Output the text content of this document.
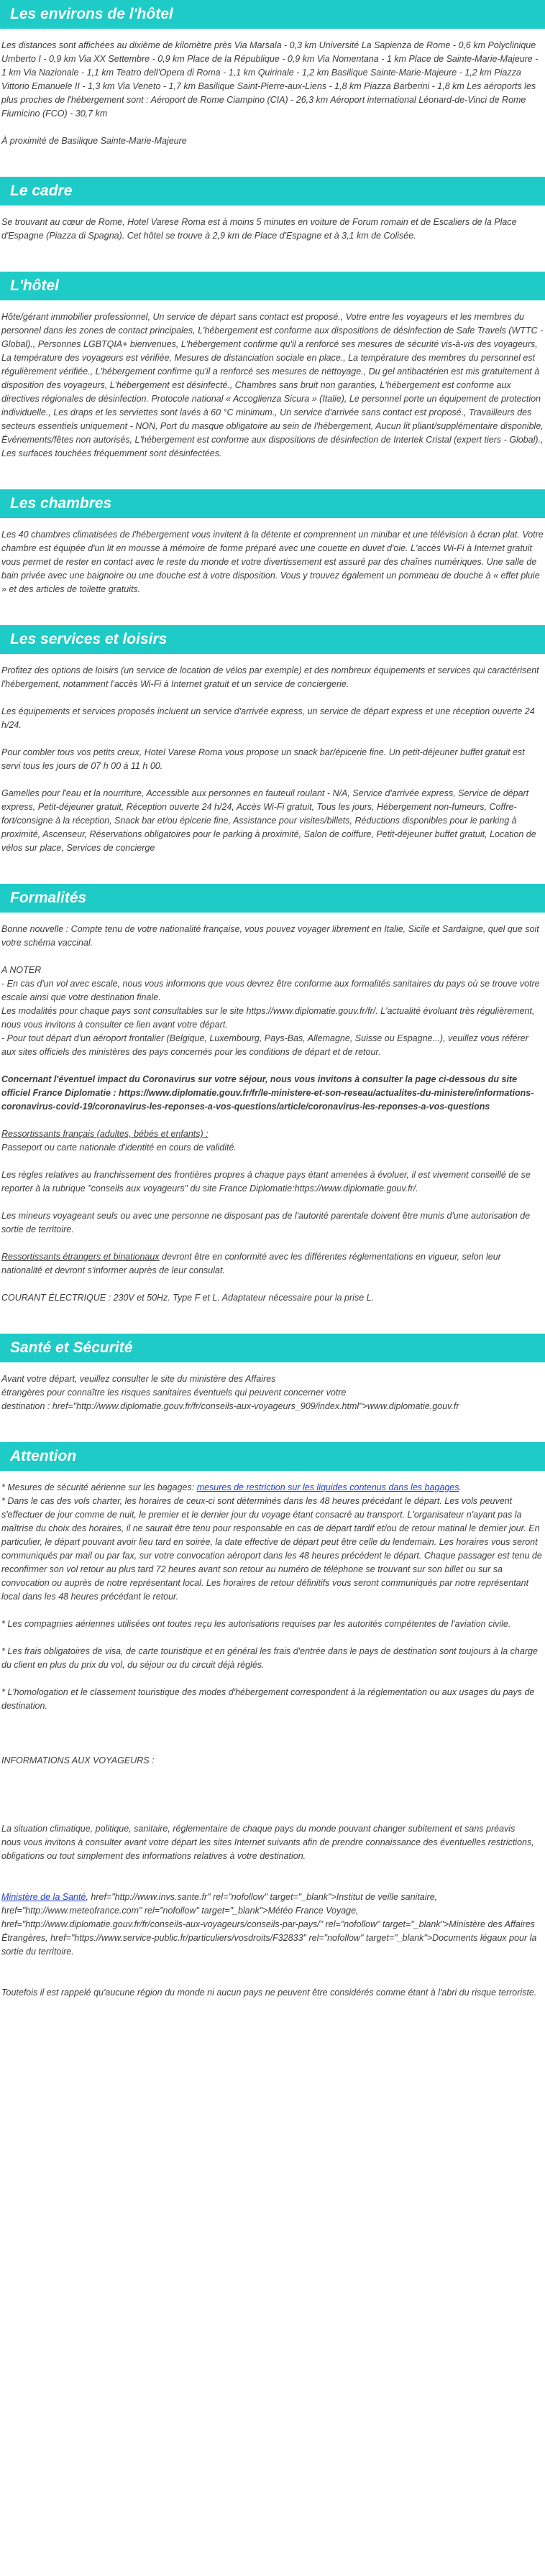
Les environs de l'hôtel

Les distances sont affichées au dixième de kilomètre près Via Marsala - 0,3 km Université La Sapienza de Rome - 0,6 km Polyclinique Umberto I - 0,9 km Via XX Settembre - 0,9 km Place de la République - 0,9 km Via Nomentana - 1 km Place de Sainte-Marie-Majeure - 1 km Via Nazionale - 1,1 km Teatro dell'Opera di Roma - 1,1 km Quirinale - 1,2 km Basilique Sainte-Marie-Majeure - 1,2 km Piazza Vittorio Emanuele II - 1,3 km Via Veneto - 1,7 km Basilique Saint-Pierre-aux-Liens - 1,8 km Piazza Barberini - 1,8 km Les aéroports les plus proches de l'hébergement sont : Aéroport de Rome Ciampino (CIA) - 26,3 km Aéroport international Léonard-de-Vinci de Rome Fiumicino (FCO) - 30,7 km

À proximité de Basilique Sainte-Marie-Majeure

Le cadre

Se trouvant au cœur de Rome, Hotel Varese Roma est à moins 5 minutes en voiture de Forum romain et de Escaliers de la Place d'Espagne (Piazza di Spagna). Cet hôtel se trouve à 2,9 km de Place d'Espagne et à 3,1 km de Colisée.

L'hôtel

Hôte/gérant immobilier professionnel, Un service de départ sans contact est proposé., Votre entre les voyageurs et les membres du personnel dans les zones de contact principales, L'hébergement est conforme aux dispositions de désinfection de Safe Travels (WTTC - Global)., Personnes LGBTQIA+ bienvenues, L'hébergement confirme qu'il a renforcé ses mesures de sécurité vis-à-vis des voyageurs, La température des voyageurs est vérifiée, Mesures de distanciation sociale en place., La température des membres du personnel est régulièrement vérifiée., L'hébergement confirme qu'il a renforcé ses mesures de nettoyage., Du gel antibactérien est mis gratuitement à disposition des voyageurs, L'hébergement est désinfecté., Chambres sans bruit non garanties, L'hébergement est conforme aux directives régionales de désinfection. Protocole national « Accoglienza Sicura » (Italie), Le personnel porte un équipement de protection individuelle., Les draps et les serviettes sont lavés à 60 °C minimum., Un service d'arrivée sans contact est proposé., Travailleurs des secteurs essentiels uniquement - NON, Port du masque obligatoire au sein de l'hébergement, Aucun lit pliant/supplémentaire disponible, Événements/fêtes non autorisés, L'hébergement est conforme aux dispositions de désinfection de Intertek Cristal (expert tiers - Global)., Les surfaces touchées fréquemment sont désinfectées.

Les chambres

Les 40 chambres climatisées de l'hébergement vous invitent à la détente et comprennent un minibar et une télévision à écran plat. Votre chambre est équipée d'un lit en mousse à mémoire de forme préparé avec une couette en duvet d'oie. L'accès Wi-Fi à Internet gratuit vous permet de rester en contact avec le reste du monde et votre divertissement est assuré par des chaînes numériques. Une salle de bain privée avec une baignoire ou une douche est à votre disposition. Vous y trouvez également un pommeau de douche à « effet pluie » et des articles de toilette gratuits.

Les services et loisirs

Profitez des options de loisirs (un service de location de vélos par exemple) et des nombreux équipements et services qui caractérisent l'hébergement, notamment l'accès Wi-Fi à Internet gratuit et un service de conciergerie.

Les équipements et services proposés incluent un service d'arrivée express, un service de départ express et une réception ouverte 24 h/24.

Pour combler tous vos petits creux, Hotel Varese Roma vous propose un snack bar/épicerie fine. Un petit-déjeuner buffet gratuit est servi tous les jours de 07 h 00 à 11 h 00.

Gamelles pour l'eau et la nourriture, Accessible aux personnes en fauteuil roulant - N/A, Service d'arrivée express, Service de départ express, Petit-déjeuner gratuit, Réception ouverte 24 h/24, Accès Wi-Fi gratuit, Tous les jours, Hébergement non-fumeurs, Coffre-fort/consigne à la réception, Snack bar et/ou épicerie fine, Assistance pour visites/billets, Réductions disponibles pour le parking à proximité, Ascenseur, Réservations obligatoires pour le parking à proximité, Salon de coiffure, Petit-déjeuner buffet gratuit, Location de vélos sur place, Services de concierge

Formalités

Bonne nouvelle : Compte tenu de votre nationalité française, vous pouvez voyager librement en Italie, Sicile et Sardaigne, quel que soit votre schéma vaccinal.

A NOTER
- En cas d'un vol avec escale, nous vous informons que vous devrez être conforme aux formalités sanitaires du pays où se trouve votre escale ainsi que votre destination finale.
Les modalités pour chaque pays sont consultables sur le site https://www.diplomatie.gouv.fr/fr/. L'actualité évoluant très régulièrement, nous vous invitons à consulter ce lien avant votre départ.

- Pour tout départ d'un aéroport frontalier (Belgique, Luxembourg, Pays-Bas, Allemagne, Suisse ou Espagne...), veuillez vous référer aux sites officiels des ministères des pays concernés pour les conditions de départ et de retour.

Concernant l'éventuel impact du Coronavirus sur votre séjour, nous vous invitons à consulter la page ci-dessous du site officiel France Diplomatie : https://www.diplomatie.gouv.fr/fr/le-ministere-et-son-reseau/actualites-du-ministere/informations-coronavirus-covid-19/coronavirus-les-reponses-a-vos-questions/article/coronavirus-les-reponses-a-vos-questions

Ressortissants français (adultes, bébés et enfants) :

Passeport ou carte nationale d'identité en cours de validité.

Les règles relatives au franchissement des frontières propres à chaque pays étant amenées à évoluer, il est vivement conseillé de se reporter à la rubrique "conseils aux voyageurs" du site France Diplomatie:https://www.diplomatie.gouv.fr/.

Les mineurs voyageant seuls ou avec une personne ne disposant pas de l'autorité parentale doivent être munis d'une autorisation de sortie de territoire.

Ressortissants étrangers et binationaux devront être en conformité avec les différentes réglementations en vigueur, selon leur nationalité et devront s'informer auprès de leur consulat.

COURANT ÉLECTRIQUE : 230V et 50Hz. Type F et L. Adaptateur nécessaire pour la prise L.

Santé et Sécurité
Avant votre départ, veuillez consulter le site du ministère des Affaires
étrangères pour connaître les risques sanitaires éventuels qui peuvent concerner votre
destination : href="http://www.diplomatie.gouv.fr/fr/conseils-aux-voyageurs_909/index.html">www.diplomatie.gouv.fr
Attention
* Mesures de sécurité aérienne sur les bagages: mesures de restriction sur les liquides contenus dans les bagages.

* Dans le cas des vols charter, les horaires de ceux-ci sont déterminés dans les 48 heures précédant le départ. Les vols peuvent s'effectuer de jour comme de nuit, le premier et le dernier jour du voyage étant consacré au transport. L'organisateur n'ayant pas la maîtrise du choix des horaires, il ne saurait être tenu pour responsable en cas de départ tardif et/ou de retour matinal le dernier jour. En particulier, le départ pouvant avoir lieu tard en soirée, la date effective de départ peut être celle du lendemain. Les horaires vous seront communiqués par mail ou par fax, sur votre convocation aéroport dans les 48 heures précédent le départ. Chaque passager est tenu de reconfirmer son vol retour au plus tard 72 heures avant son retour au numéro de téléphone se trouvant sur son billet ou sur sa convocation ou auprès de notre représentant local. Les horaires de retour définitifs vous seront communiqués par notre représentant local dans les 48 heures précédant le retour.

* Les compagnies aériennes utilisées ont toutes reçu les autorisations requises par les autorités compétentes de l'aviation civile.

* Les frais obligatoires de visa, de carte touristique et en général les frais d'entrée dans le pays de destination sont toujours à la charge du client en plus du prix du vol, du séjour ou du circuit déjà réglés.

* L'homologation et le classement touristique des modes d'hébergement correspondent à la réglementation ou aux usages du pays de destination.

INFORMATIONS AUX VOYAGEURS :

La situation climatique, politique, sanitaire, réglementaire de chaque pays du monde pouvant changer subitement et sans préavis

nous vous invitons à consulter avant votre départ les sites Internet suivants afin de prendre connaissance des éventuelles restrictions, obligations ou tout simplement des informations relatives à votre destination.

Ministère de la Santé, href="http://www.invs.sante.fr" rel="nofollow" target="_blank">Institut de veille sanitaire, href="http://www.meteofrance.com" rel="nofollow" target="_blank">Météo France Voyage, href="http://www.diplomatie.gouv.fr/fr/conseils-aux-voyageurs/conseils-par-pays/" rel="nofollow" target="_blank">Ministère des Affaires Étrangères, href="https://www.service-public.fr/particuliers/vosdroits/F32833" rel="nofollow" target="_blank">Documents légaux pour la sortie du territoire.

Toutefois il est rappelé qu'aucune région du monde ni aucun pays ne peuvent être considérés comme étant à l'abri du risque terroriste.
